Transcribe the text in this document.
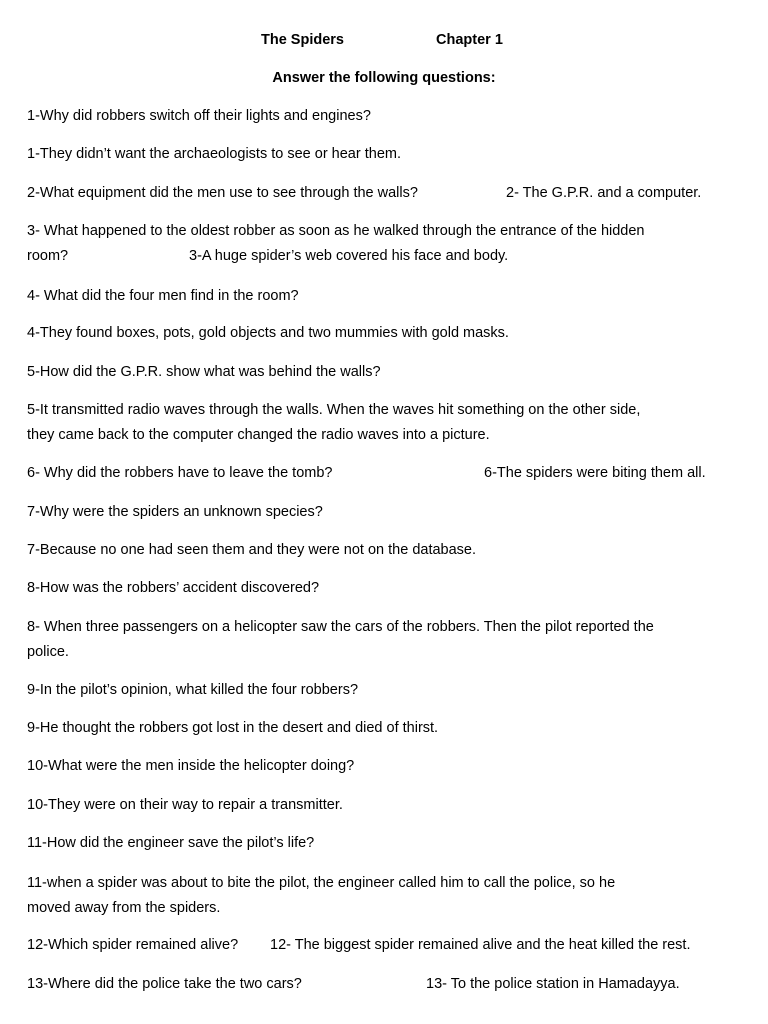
The Spiders	Chapter 1
Answer the following questions:
1-Why did robbers switch off their lights and engines?
1-They didn’t want the archaeologists to see or hear them.
2-What equipment did the men use to see through the walls?	2- The G.P.R. and a computer.
3- What happened to the oldest robber as soon as he walked through the entrance of the hidden
room?	3-A huge spider’s web covered his face and body.
4- What did the four men find in the room?
4-They found boxes, pots, gold objects and two mummies with gold masks.
5-How did the G.P.R. show what was behind the walls?
5-It transmitted radio waves through the walls. When the waves hit something on the other side,
they came back to the computer changed the radio waves into a picture.
6- Why did the robbers have to leave the tomb?	6-The spiders were biting them all.
7-Why were the spiders an unknown species?
7-Because no one had seen them and they were not on the database.
8-How was the robbers’ accident discovered?
8- When three passengers on a helicopter saw the cars of the robbers. Then the pilot reported the
police.
9-In the pilot’s opinion, what killed the four robbers?
9-He thought the robbers got lost in the desert and died of thirst.
10-What were the men inside the helicopter doing?
10-They were on their way to repair a transmitter.
11-How did the engineer save the pilot’s life?
11-when a spider was about to bite the pilot, the engineer called him to call the police, so he
moved away from the spiders.
12-Which spider remained alive? 12- The biggest spider remained alive and the heat killed the rest.
13-Where did the police take the two cars?	13- To the police station in Hamadayya.
